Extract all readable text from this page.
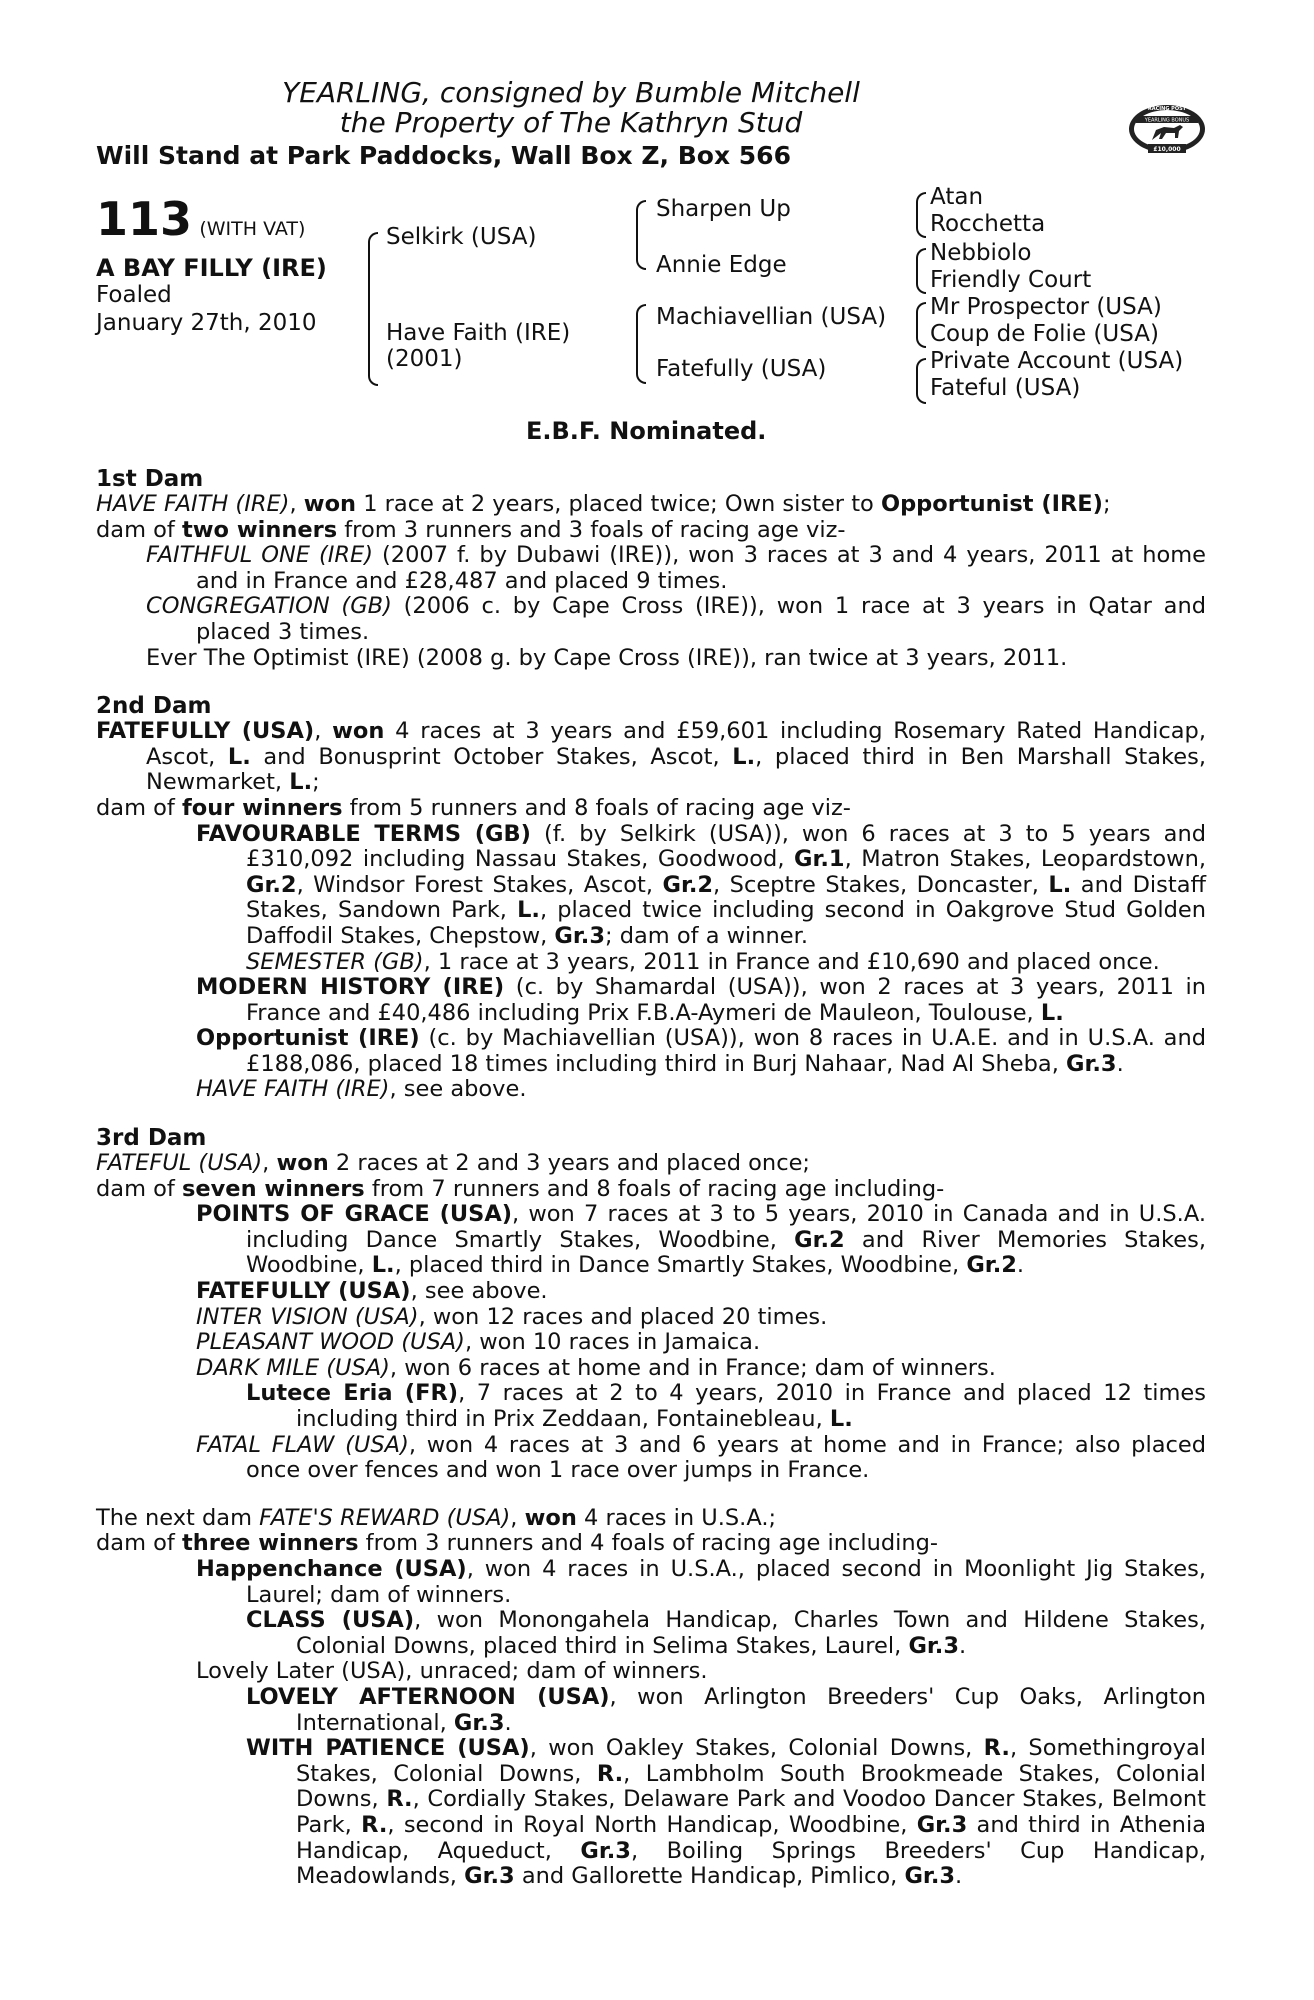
YEARLING, consigned by Bumble Mitchell
the Property of The Kathryn Stud
Will Stand at Park Paddocks, Wall Box Z, Box 566
RACING POST
YEARLING BONUS
£10,000
113 (WITH VAT)
A BAY FILLY (IRE)
Foaled
January 27th, 2010
Selkirk (USA)
Have Faith (IRE)
(2001)
Sharpen Up
Annie Edge
Machiavellian (USA)
Fatefully (USA)
Atan
Rocchetta
Nebbiolo
Friendly Court
Mr Prospector (USA)
Coup de Folie (USA)
Private Account (USA)
Fateful (USA)
E.B.F. Nominated.
1st Dam
HAVE FAITH (IRE), won 1 race at 2 years, placed twice; Own sister to Opportunist (IRE);
dam of two winners from 3 runners and 3 foals of racing age viz-
FAITHFUL ONE (IRE) (2007 f. by Dubawi (IRE)), won 3 races at 3 and 4 years, 2011 at home and in France and £28,487 and placed 9 times.
CONGREGATION (GB) (2006 c. by Cape Cross (IRE)), won 1 race at 3 years in Qatar and placed 3 times.
Ever The Optimist (IRE) (2008 g. by Cape Cross (IRE)), ran twice at 3 years, 2011.
2nd Dam
FATEFULLY (USA), won 4 races at 3 years and £59,601 including Rosemary Rated Handicap, Ascot, L. and Bonusprint October Stakes, Ascot, L., placed third in Ben Marshall Stakes, Newmarket, L.;
dam of four winners from 5 runners and 8 foals of racing age viz-
FAVOURABLE TERMS (GB) (f. by Selkirk (USA)), won 6 races at 3 to 5 years and £310,092 including Nassau Stakes, Goodwood, Gr.1, Matron Stakes, Leopardstown, Gr.2, Windsor Forest Stakes, Ascot, Gr.2, Sceptre Stakes, Doncaster, L. and Distaff Stakes, Sandown Park, L., placed twice including second in Oakgrove Stud Golden Daffodil Stakes, Chepstow, Gr.3; dam of a winner.
SEMESTER (GB), 1 race at 3 years, 2011 in France and £10,690 and placed once.
MODERN HISTORY (IRE) (c. by Shamardal (USA)), won 2 races at 3 years, 2011 in France and £40,486 including Prix F.B.A-Aymeri de Mauleon, Toulouse, L.
Opportunist (IRE) (c. by Machiavellian (USA)), won 8 races in U.A.E. and in U.S.A. and £188,086, placed 18 times including third in Burj Nahaar, Nad Al Sheba, Gr.3.
HAVE FAITH (IRE), see above.
3rd Dam
FATEFUL (USA), won 2 races at 2 and 3 years and placed once;
dam of seven winners from 7 runners and 8 foals of racing age including-
POINTS OF GRACE (USA), won 7 races at 3 to 5 years, 2010 in Canada and in U.S.A. including Dance Smartly Stakes, Woodbine, Gr.2 and River Memories Stakes, Woodbine, L., placed third in Dance Smartly Stakes, Woodbine, Gr.2.
FATEFULLY (USA), see above.
INTER VISION (USA), won 12 races and placed 20 times.
PLEASANT WOOD (USA), won 10 races in Jamaica.
DARK MILE (USA), won 6 races at home and in France; dam of winners.
Lutece Eria (FR), 7 races at 2 to 4 years, 2010 in France and placed 12 times including third in Prix Zeddaan, Fontainebleau, L.
FATAL FLAW (USA), won 4 races at 3 and 6 years at home and in France; also placed once over fences and won 1 race over jumps in France.
The next dam FATE'S REWARD (USA), won 4 races in U.S.A.;
dam of three winners from 3 runners and 4 foals of racing age including-
Happenchance (USA), won 4 races in U.S.A., placed second in Moonlight Jig Stakes, Laurel; dam of winners.
CLASS (USA), won Monongahela Handicap, Charles Town and Hildene Stakes, Colonial Downs, placed third in Selima Stakes, Laurel, Gr.3.
Lovely Later (USA), unraced; dam of winners.
LOVELY AFTERNOON (USA), won Arlington Breeders' Cup Oaks, Arlington International, Gr.3.
WITH PATIENCE (USA), won Oakley Stakes, Colonial Downs, R., Somethingroyal Stakes, Colonial Downs, R., Lambholm South Brookmeade Stakes, Colonial Downs, R., Cordially Stakes, Delaware Park and Voodoo Dancer Stakes, Belmont Park, R., second in Royal North Handicap, Woodbine, Gr.3 and third in Athenia Handicap, Aqueduct, Gr.3, Boiling Springs Breeders' Cup Handicap, Meadowlands, Gr.3 and Gallorette Handicap, Pimlico, Gr.3.
